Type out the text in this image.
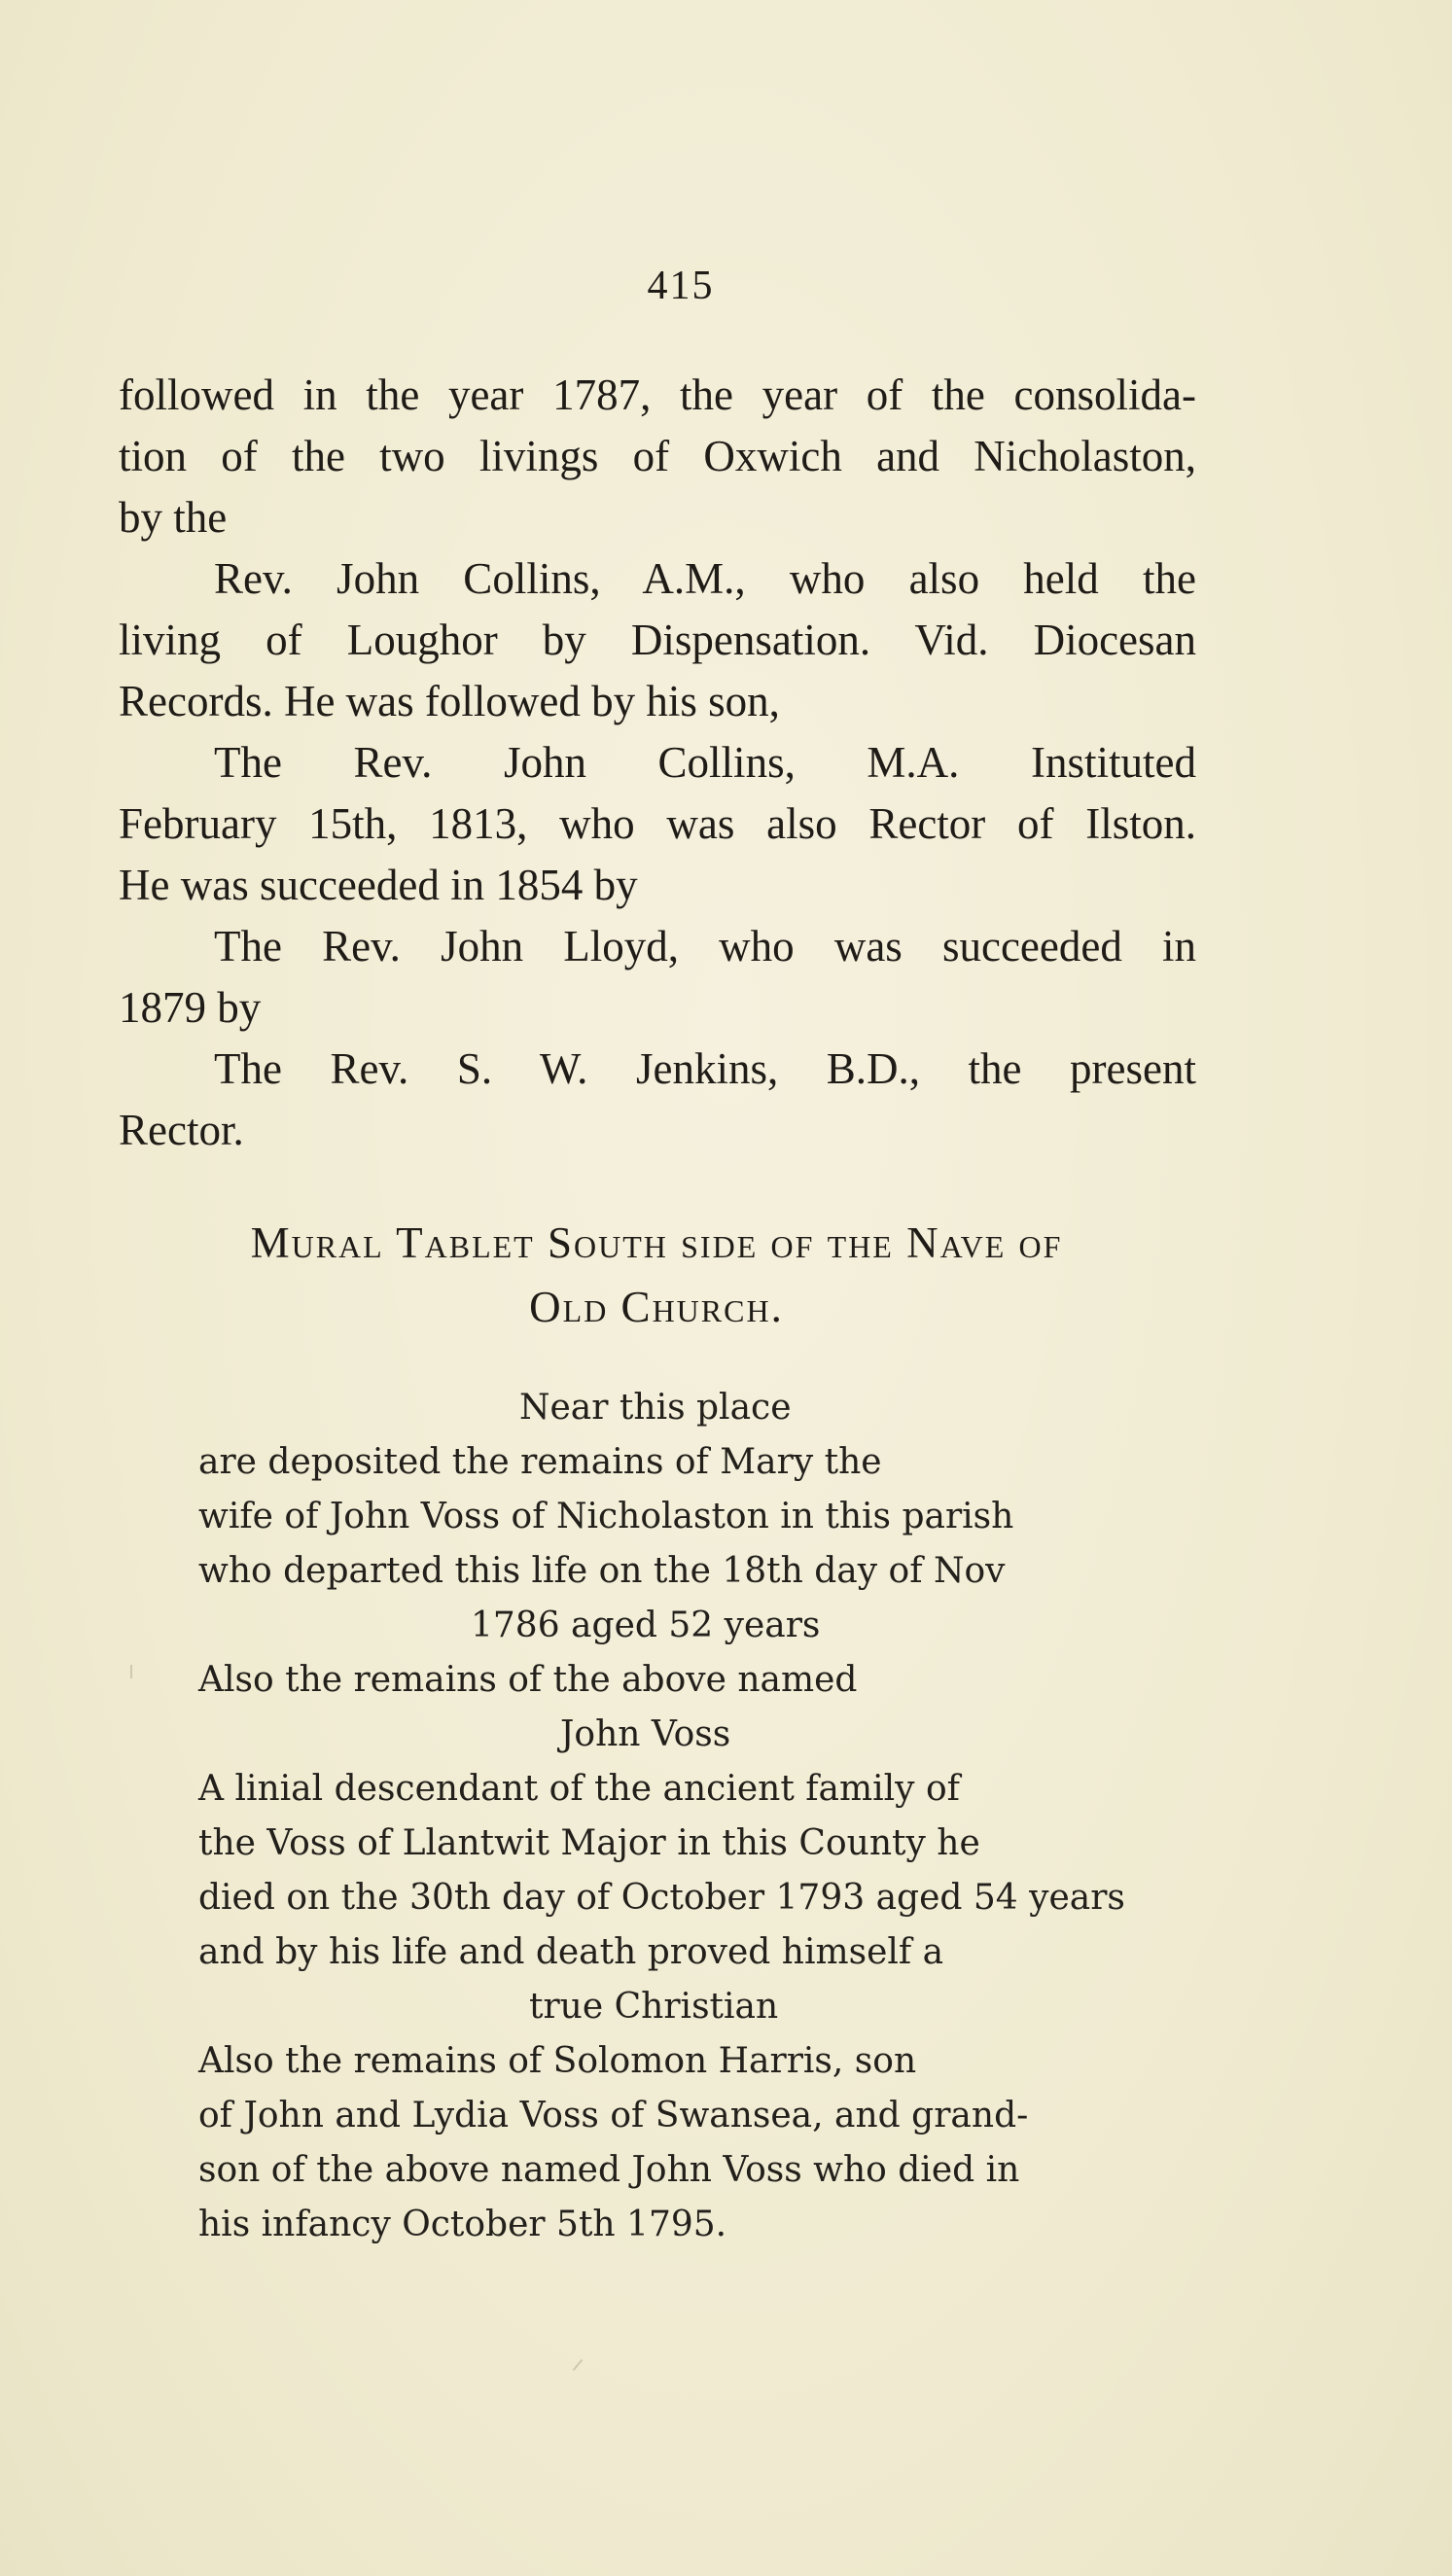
415
followed in the year 1787, the year of the consolida-
tion of the two livings of Oxwich and Nicholaston,
by the
Rev. John Collins, A.M., who also held the
living of Loughor by Dispensation. Vid. Diocesan
Records. He was followed by his son,
The Rev. John Collins, M.A. Instituted
February 15th, 1813, who was also Rector of Ilston.
He was succeeded in 1854 by
The Rev. John Lloyd, who was succeeded in
1879 by
The Rev. S. W. Jenkins, B.D., the present
Rector.
Mural Tablet South side of the Nave of
Old Church.
Near this place
are deposited the remains of Mary the
wife of John Voss of Nicholaston in this parish
who departed this life on the 18th day of Nov
1786 aged 52 years
Also the remains of the above named
John Voss
A linial descendant of the ancient family of
the Voss of Llantwit Major in this County he
died on the 30th day of October 1793 aged 54 years
and by his life and death proved himself a
true Christian
Also the remains of Solomon Harris, son
of John and Lydia Voss of Swansea, and grand-
son of the above named John Voss who died in
his infancy October 5th 1795.
